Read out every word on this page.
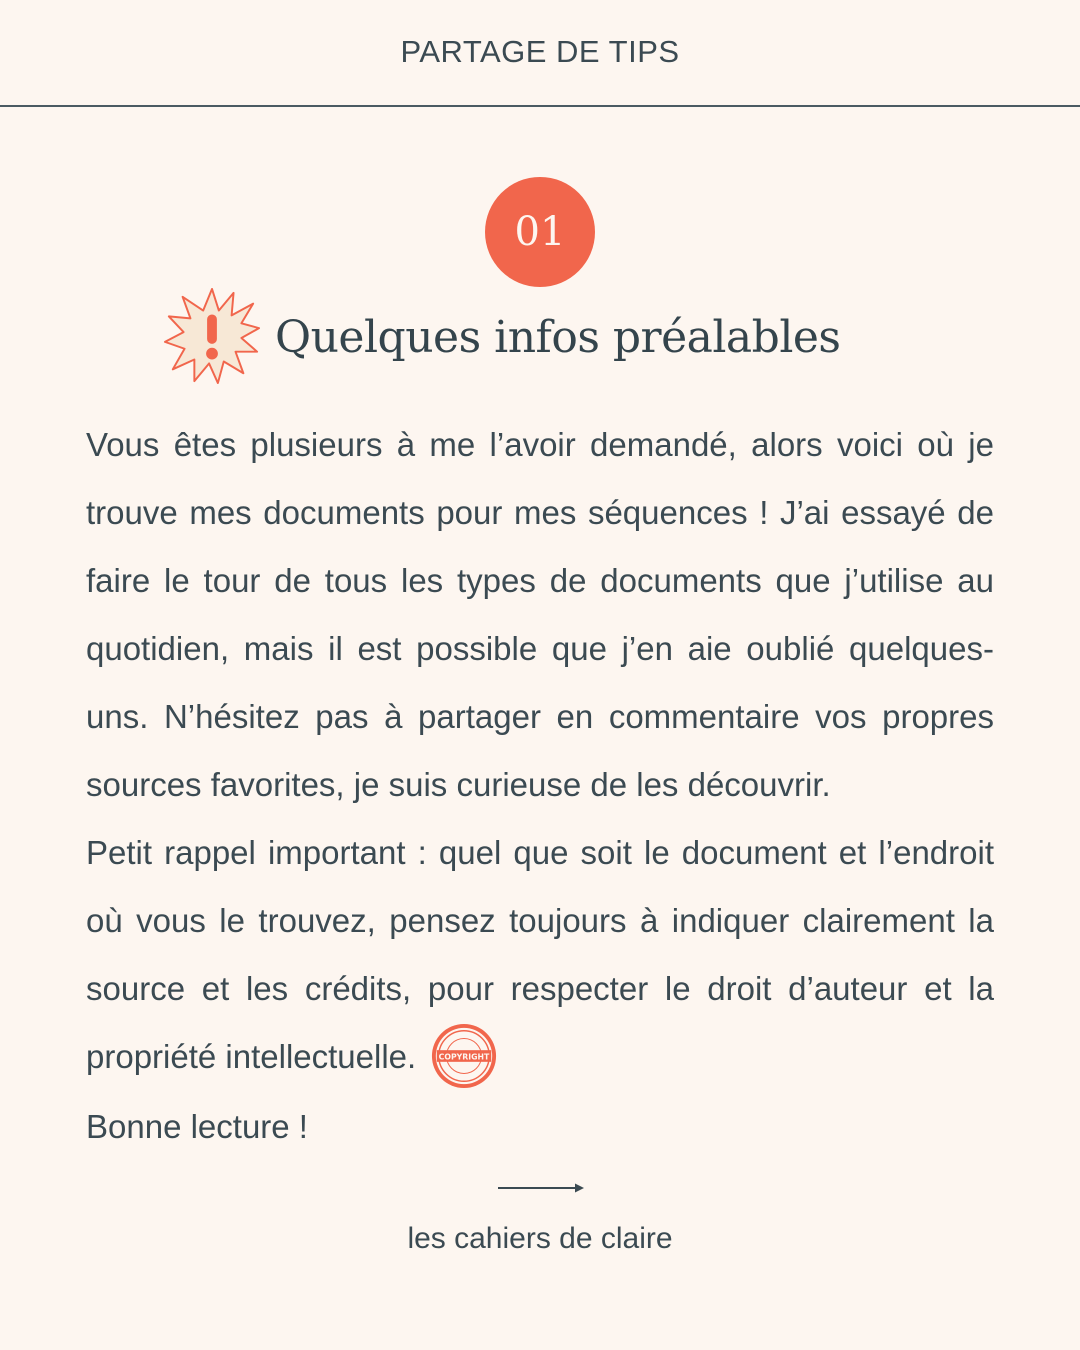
PARTAGE DE TIPS
01
Quelques infos préalables

Vous êtes plusieurs à me l’avoir demandé, alors voici où je trouve mes documents pour mes séquences ! J’ai essayé de faire le tour de tous les types de documents que j’utilise au quotidien, mais il est possible que j’en aie oublié quelques-uns. N’hésitez pas à partager en commentaire vos propres sources favorites, je suis curieuse de les découvrir.

Petit rappel important : quel que soit le document et l’endroit où vous le trouvez, pensez toujours à indiquer clairement la source et les crédits, pour respecter le droit d’auteur et la propriété intellectuelle.	COPYRIGHT

Bonne lecture !

les cahiers de claire
